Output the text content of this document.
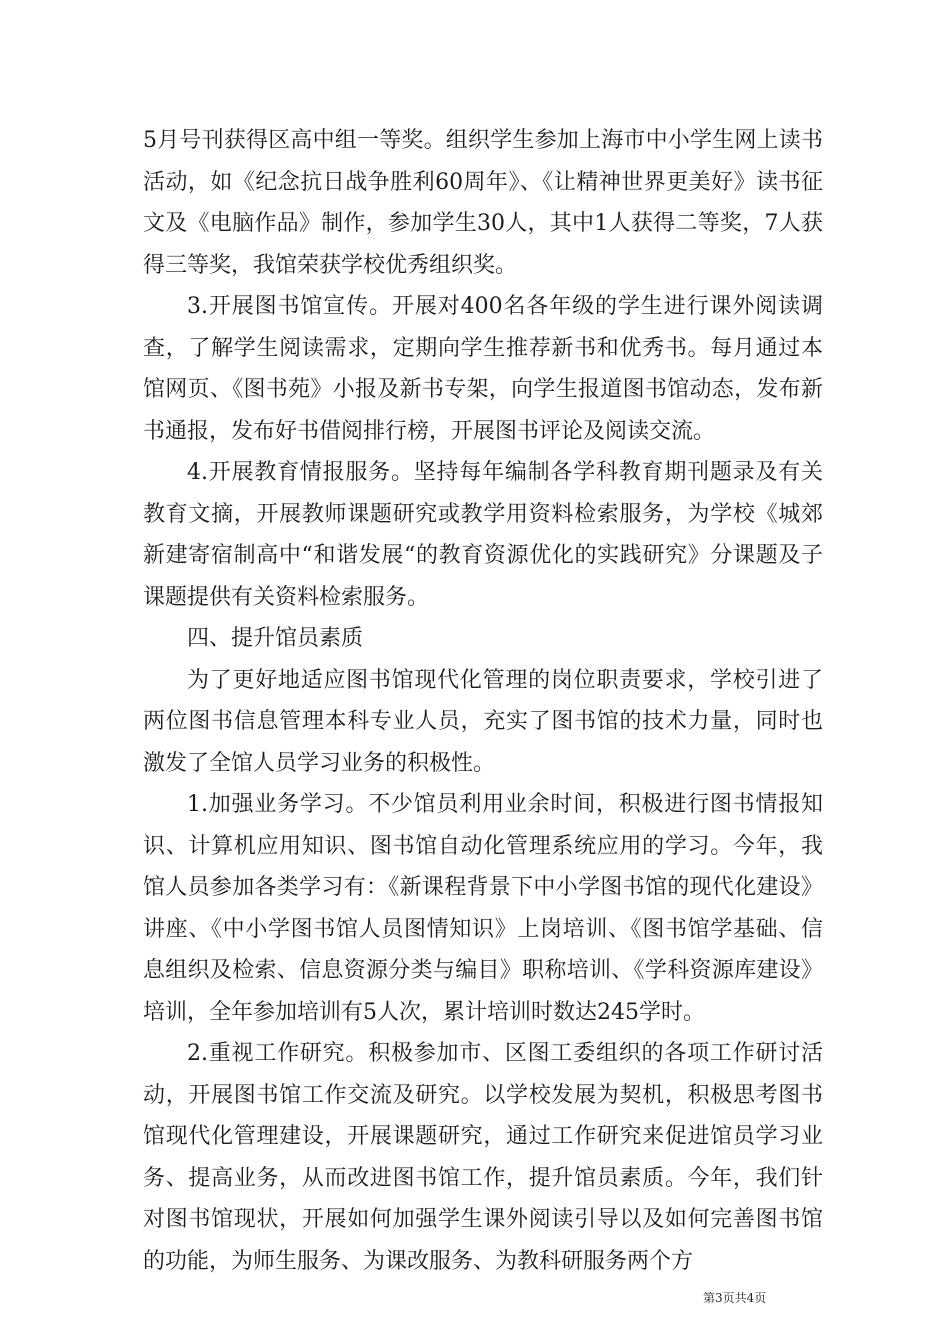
5月号刊获得区高中组一等奖。组织学生参加上海市中小学生网上读书活动，如《纪念抗日战争胜利60周年》、《让精神世界更美好》读书征文及《电脑作品》制作，参加学生30人，其中1人获得二等奖，7人获得三等奖，我馆荣获学校优秀组织奖。

3.开展图书馆宣传。开展对400名各年级的学生进行课外阅读调查，了解学生阅读需求，定期向学生推荐新书和优秀书。每月通过本馆网页、《图书苑》小报及新书专架，向学生报道图书馆动态，发布新书通报，发布好书借阅排行榜，开展图书评论及阅读交流。

4.开展教育情报服务。坚持每年编制各学科教育期刊题录及有关教育文摘，开展教师课题研究或教学用资料检索服务，为学校《城郊新建寄宿制高中“和谐发展“的教育资源优化的实践研究》分课题及子课题提供有关资料检索服务。

四、提升馆员素质

为了更好地适应图书馆现代化管理的岗位职责要求，学校引进了两位图书信息管理本科专业人员，充实了图书馆的技术力量，同时也激发了全馆人员学习业务的积极性。

1.加强业务学习。不少馆员利用业余时间，积极进行图书情报知识、计算机应用知识、图书馆自动化管理系统应用的学习。今年，我馆人员参加各类学习有：《新课程背景下中小学图书馆的现代化建设》讲座、《中小学图书馆人员图情知识》上岗培训、《图书馆学基础、信息组织及检索、信息资源分类与编目》职称培训、《学科资源库建设》培训，全年参加培训有5人次，累计培训时数达245学时。

2.重视工作研究。积极参加市、区图工委组织的各项工作研讨活动，开展图书馆工作交流及研究。以学校发展为契机，积极思考图书馆现代化管理建设，开展课题研究，通过工作研究来促进馆员学习业务、提高业务，从而改进图书馆工作，提升馆员素质。今年，我们针对图书馆现状，开展如何加强学生课外阅读引导以及如何完善图书馆的功能，为师生服务、为课改服务、为教科研服务两个方

第3页共4页
